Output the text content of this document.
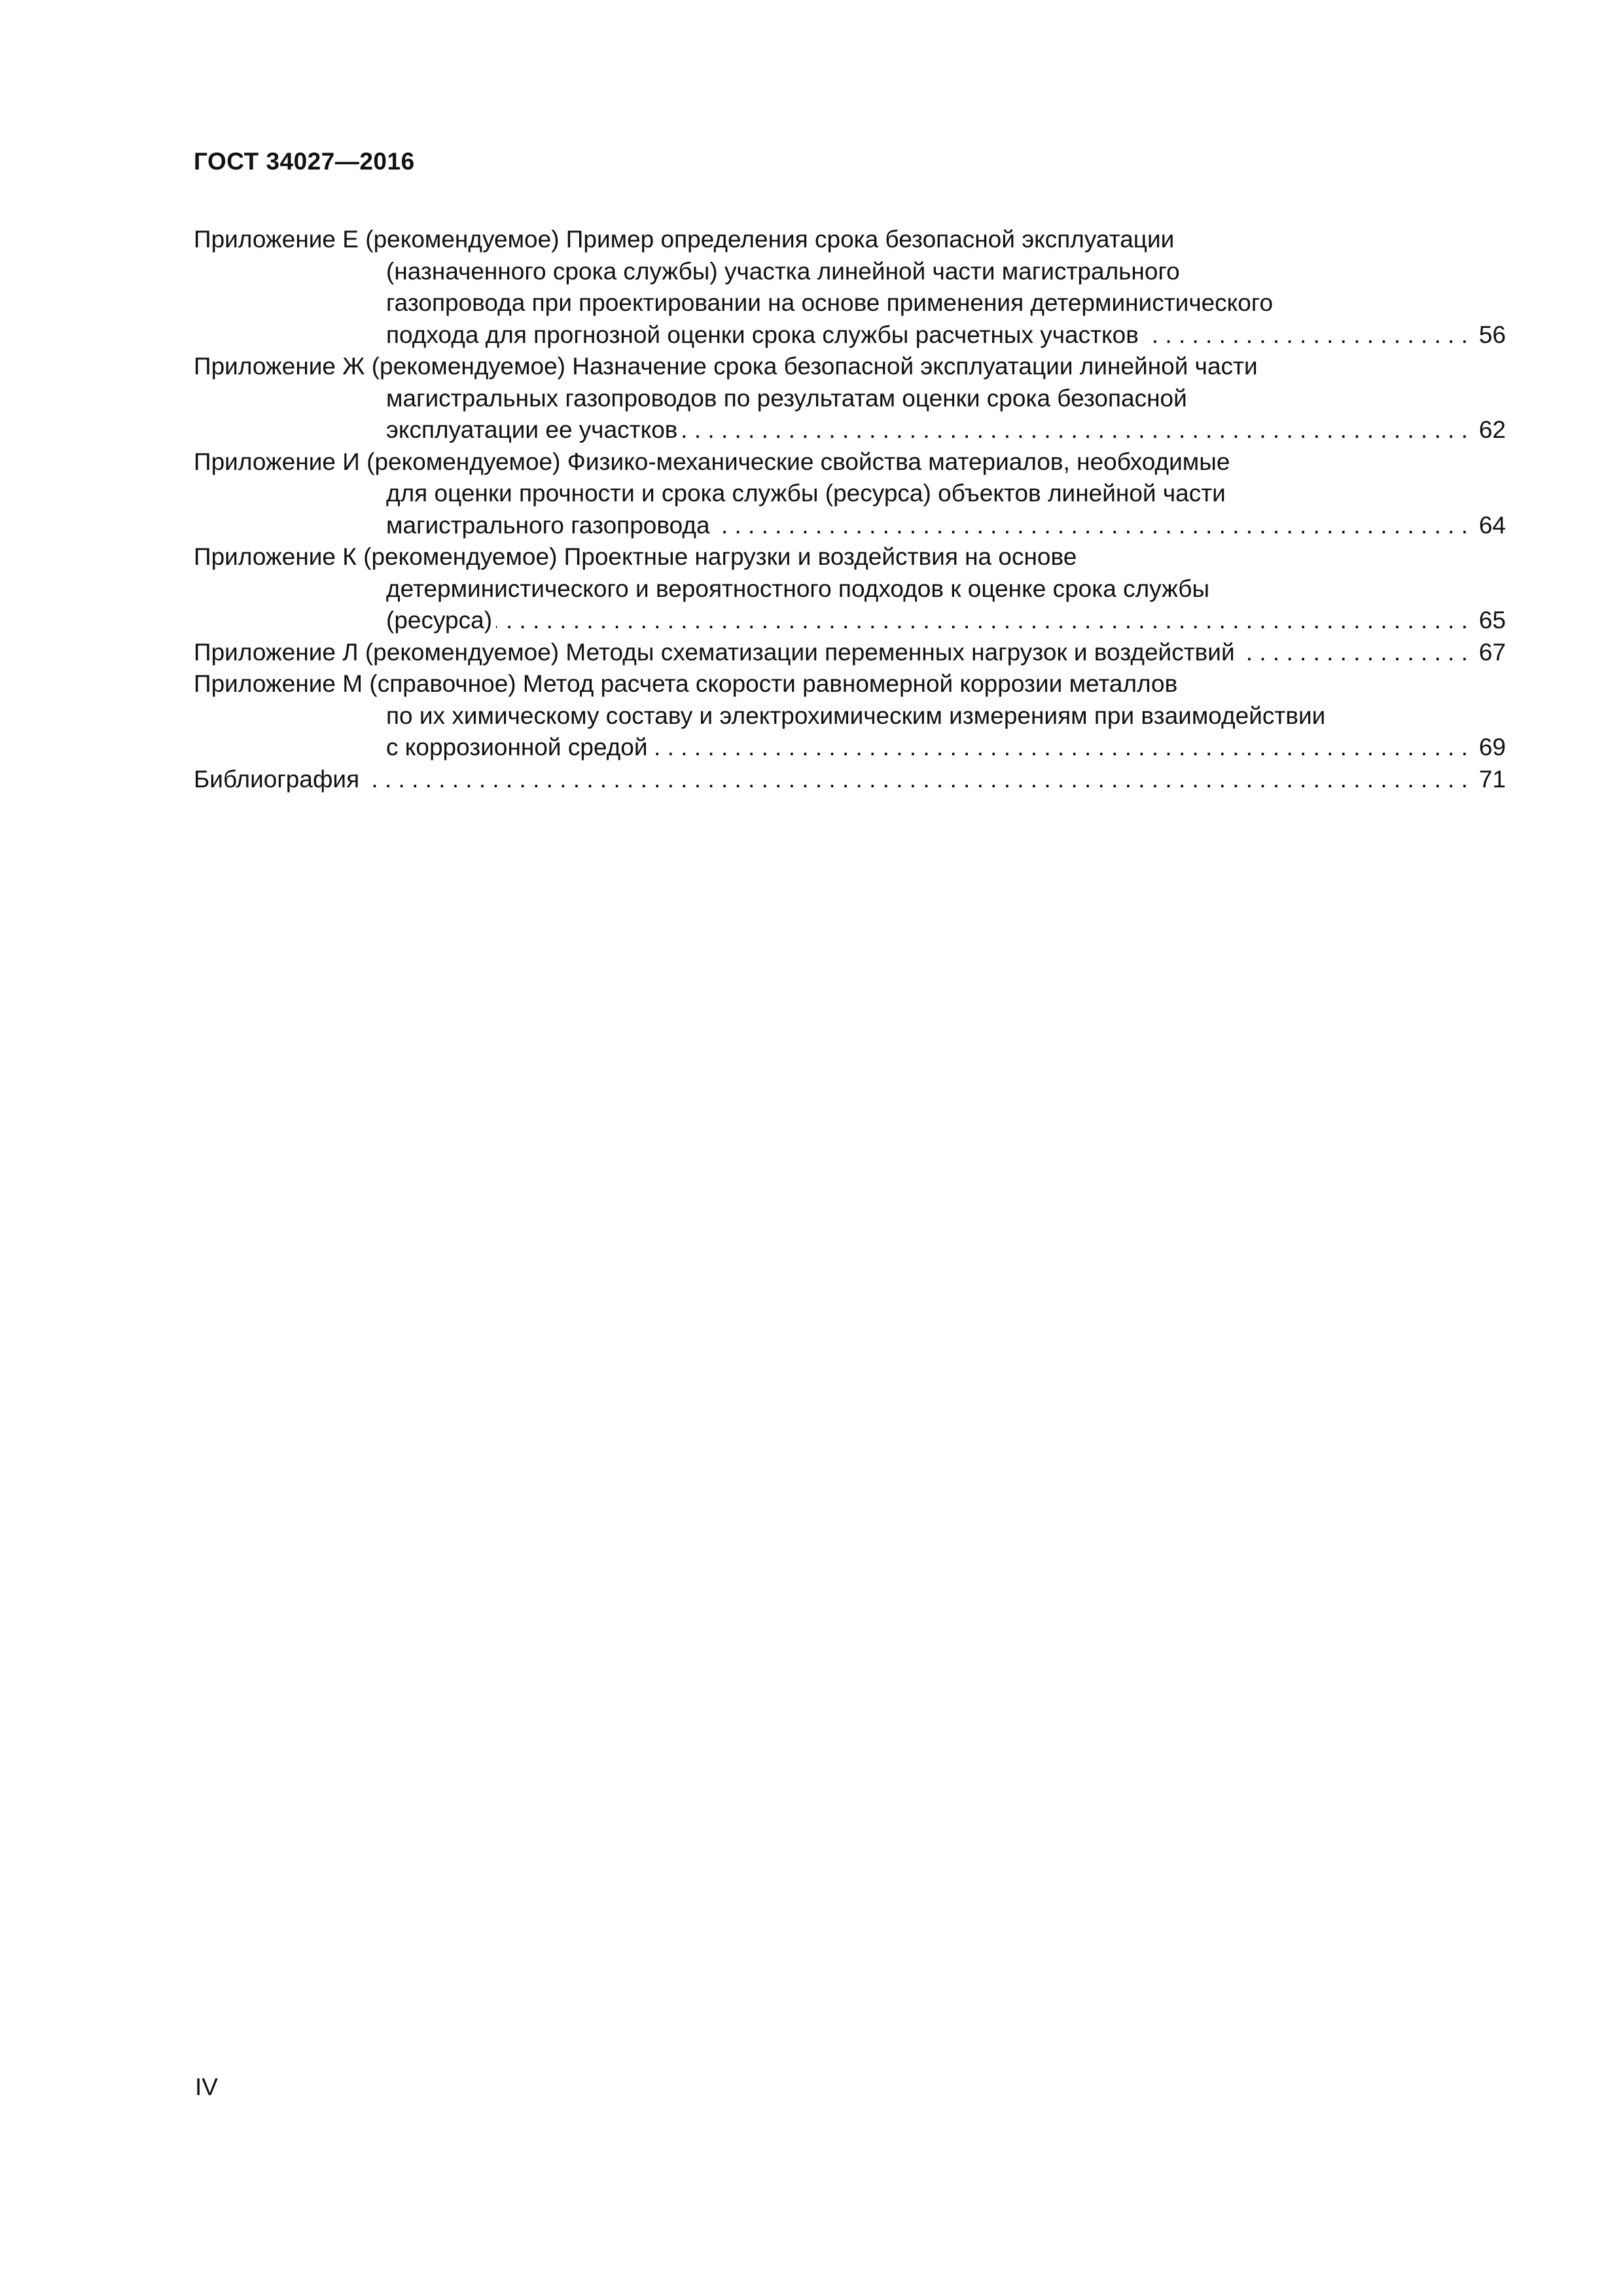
ГОСТ 34027—2016
Приложение Е (рекомендуемое) Пример определения срока безопасной эксплуатации
(назначенного срока службы) участка линейной части магистрального
газопровода при проектировании на основе применения детерминистического
подхода для прогнозной оценки срока службы расчетных участков . . .	56
Приложение Ж (рекомендуемое) Назначение срока безопасной эксплуатации линейной части
магистральных газопроводов по результатам оценки срока безопасной
эксплуатации ее участков . . .	62
Приложение И (рекомендуемое) Физико-механические свойства материалов, необходимые
для оценки прочности и срока службы (ресурса) объектов линейной части
магистрального газопровода . . .	64
Приложение К (рекомендуемое) Проектные нагрузки и воздействия на основе
детерминистического и вероятностного подходов к оценке срока службы
(ресурса) . . .	65
Приложение Л (рекомендуемое) Методы схематизации переменных нагрузок и воздействий . . .	67
Приложение М (справочное) Метод расчета скорости равномерной коррозии металлов
по их химическому составу и электрохимическим измерениям при взаимодействии
с коррозионной средой . . .	69
Библиография . . .	71
IV
